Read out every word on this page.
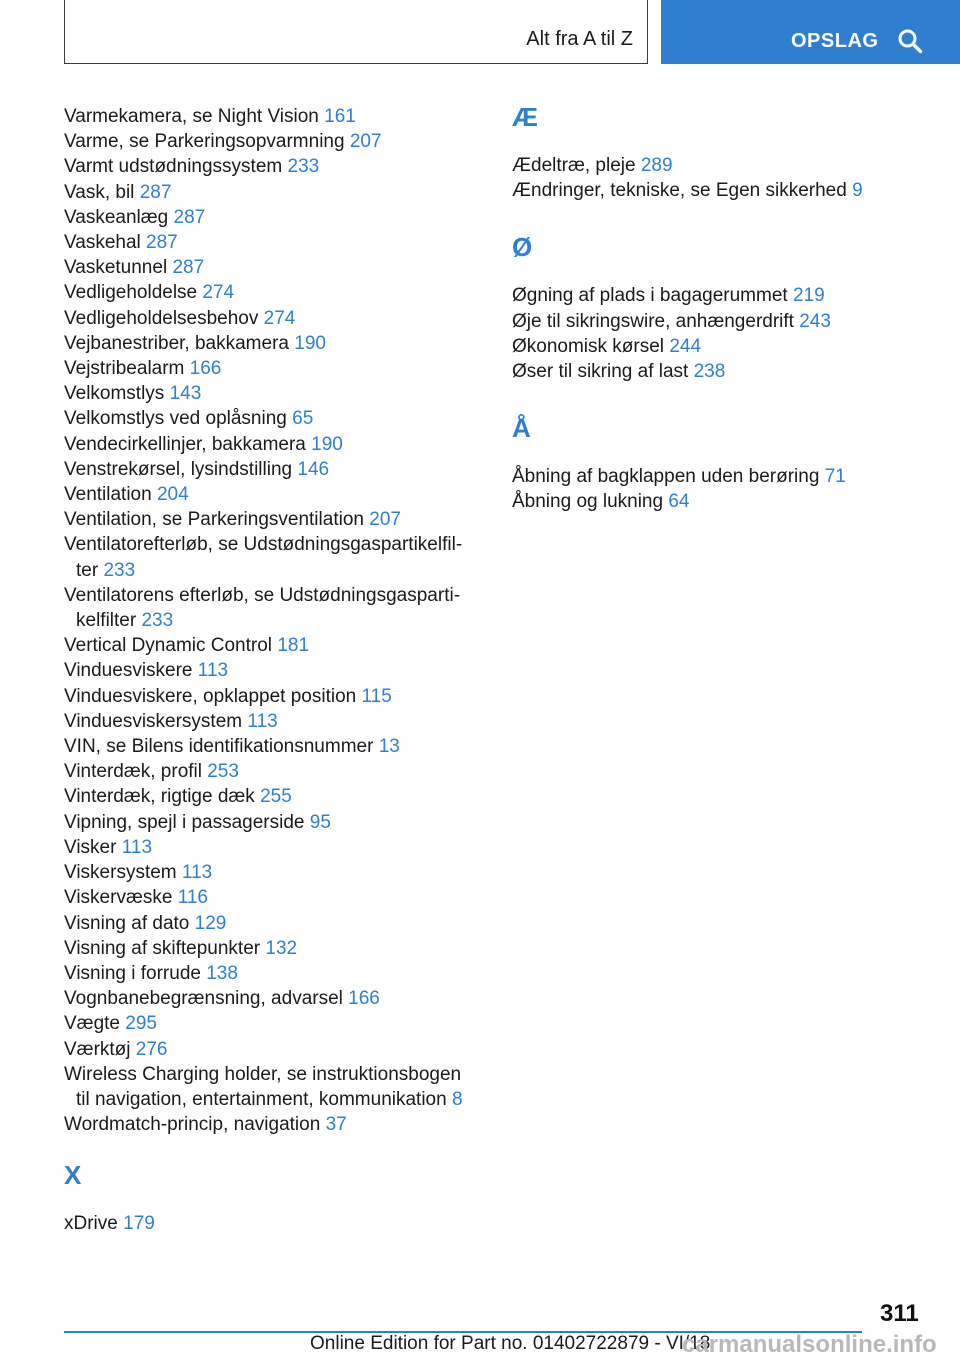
Alt fra A til Z	OPSLAG
Varmekamera, se Night Vision 161
Varme, se Parkeringsopvarmning 207
Varmt udstødningssystem 233
Vask, bil 287
Vaskeanlæg 287
Vaskehal 287
Vasketunnel 287
Vedligeholdelse 274
Vedligeholdelsesbehov 274
Vejbanestriber, bakkamera 190
Vejstribealarm 166
Velkomstlys 143
Velkomstlys ved oplåsning 65
Vendecirkellinjer, bakkamera 190
Venstrekørsel, lysindstilling 146
Ventilation 204
Ventilation, se Parkeringsventilation 207
Ventilatorefterløb, se Udstødningsgaspartikelfilter 233
Ventilatorens efterløb, se Udstødningsgaspartikelfilter 233
Vertical Dynamic Control 181
Vinduesviskere 113
Vinduesviskere, opklappet position 115
Vinduesviskersystem 113
VIN, se Bilens identifikationsnummer 13
Vinterdæk, profil 253
Vinterdæk, rigtige dæk 255
Vipning, spejl i passagerside 95
Visker 113
Viskersystem 113
Viskervæske 116
Visning af dato 129
Visning af skiftepunkter 132
Visning i forrude 138
Vognbanebegrænsning, advarsel 166
Vægte 295
Værktøj 276
Wireless Charging holder, se instruktionsbogen til navigation, entertainment, kommunikation 8
Wordmatch-princip, navigation 37
X
xDrive 179
Æ
Ædeltræ, pleje 289
Ændringer, tekniske, se Egen sikkerhed 9
Ø
Øgning af plads i bagagerummet 219
Øje til sikringswire, anhængerdrift 243
Økonomisk kørsel 244
Øser til sikring af last 238
Å
Åbning af bagklappen uden berøring 71
Åbning og lukning 64
311
Online Edition for Part no. 01402722879 - VI/18
carmanualsonline.info
